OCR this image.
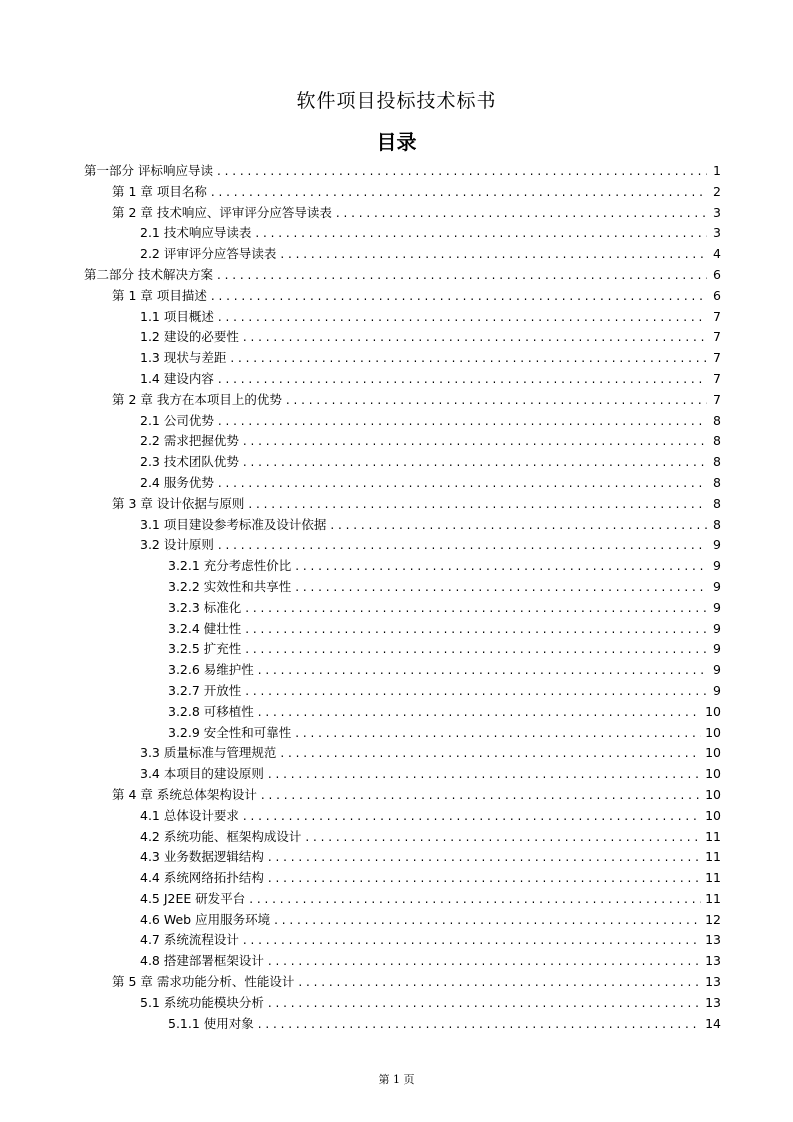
软件项目投标技术标书
目录
第一部分 评标响应导读 . . .	1
第 1 章 项目名称 . . .	2
第 2 章 技术响应、评审评分应答导读表 . . .	3
2.1 技术响应导读表 . . .	3
2.2 评审评分应答导读表 . . .	4
第二部分 技术解决方案 . . .	6
第 1 章 项目描述 . . .	6
1.1 项目概述 . . .	7
1.2 建设的必要性 . . .	7
1.3 现状与差距 . . .	7
1.4 建设内容 . . .	7
第 2 章 我方在本项目上的优势 . . .	7
2.1 公司优势 . . .	8
2.2 需求把握优势 . . .	8
2.3 技术团队优势 . . .	8
2.4 服务优势 . . .	8
第 3 章 设计依据与原则 . . .	8
3.1 项目建设参考标准及设计依据 . . .	8
3.2 设计原则 . . .	9
3.2.1 充分考虑性价比 . . .	9
3.2.2 实效性和共享性 . . .	9
3.2.3 标准化 . . .	9
3.2.4 健壮性 . . .	9
3.2.5 扩充性 . . .	9
3.2.6 易维护性 . . .	9
3.2.7 开放性 . . .	9
3.2.8 可移植性 . . .	10
3.2.9 安全性和可靠性 . . .	10
3.3 质量标准与管理规范 . . .	10
3.4 本项目的建设原则 . . .	10
第 4 章 系统总体架构设计 . . .	10
4.1 总体设计要求 . . .	10
4.2 系统功能、框架构成设计 . . .	11
4.3 业务数据逻辑结构 . . .	11
4.4 系统网络拓扑结构 . . .	11
4.5 J2EE 研发平台 . . .	11
4.6 Web 应用服务环境 . . .	12
4.7 系统流程设计 . . .	13
4.8 搭建部署框架设计 . . .	13
第 5 章 需求功能分析、性能设计 . . .	13
5.1 系统功能模块分析 . . .	13
5.1.1 使用对象 . . .	14
第 1 页
